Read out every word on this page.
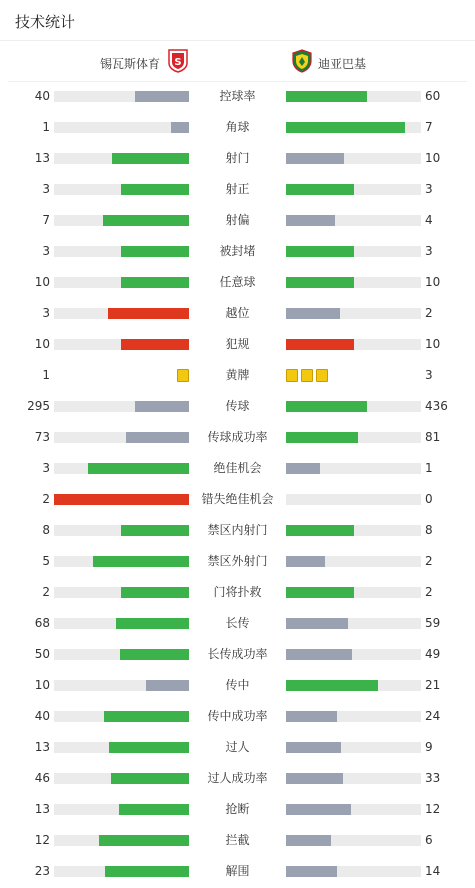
技术统计
锡瓦斯体育 S	迪亚巴基
40	控球率	60
1	角球	7
13	射门	10
3	射正	3
7	射偏	4
3	被封堵	3
10	任意球	10
3	越位	2
10	犯规	10
1	黄牌	3
295	传球	436
73	传球成功率	81
3	绝佳机会	1
2	错失绝佳机会	0
8	禁区内射门	8
5	禁区外射门	2
2	门将扑救	2
68	长传	59
50	长传成功率	49
10	传中	21
40	传中成功率	24
13	过人	9
46	过人成功率	33
13	抢断	12
12	拦截	6
23	解围	14
